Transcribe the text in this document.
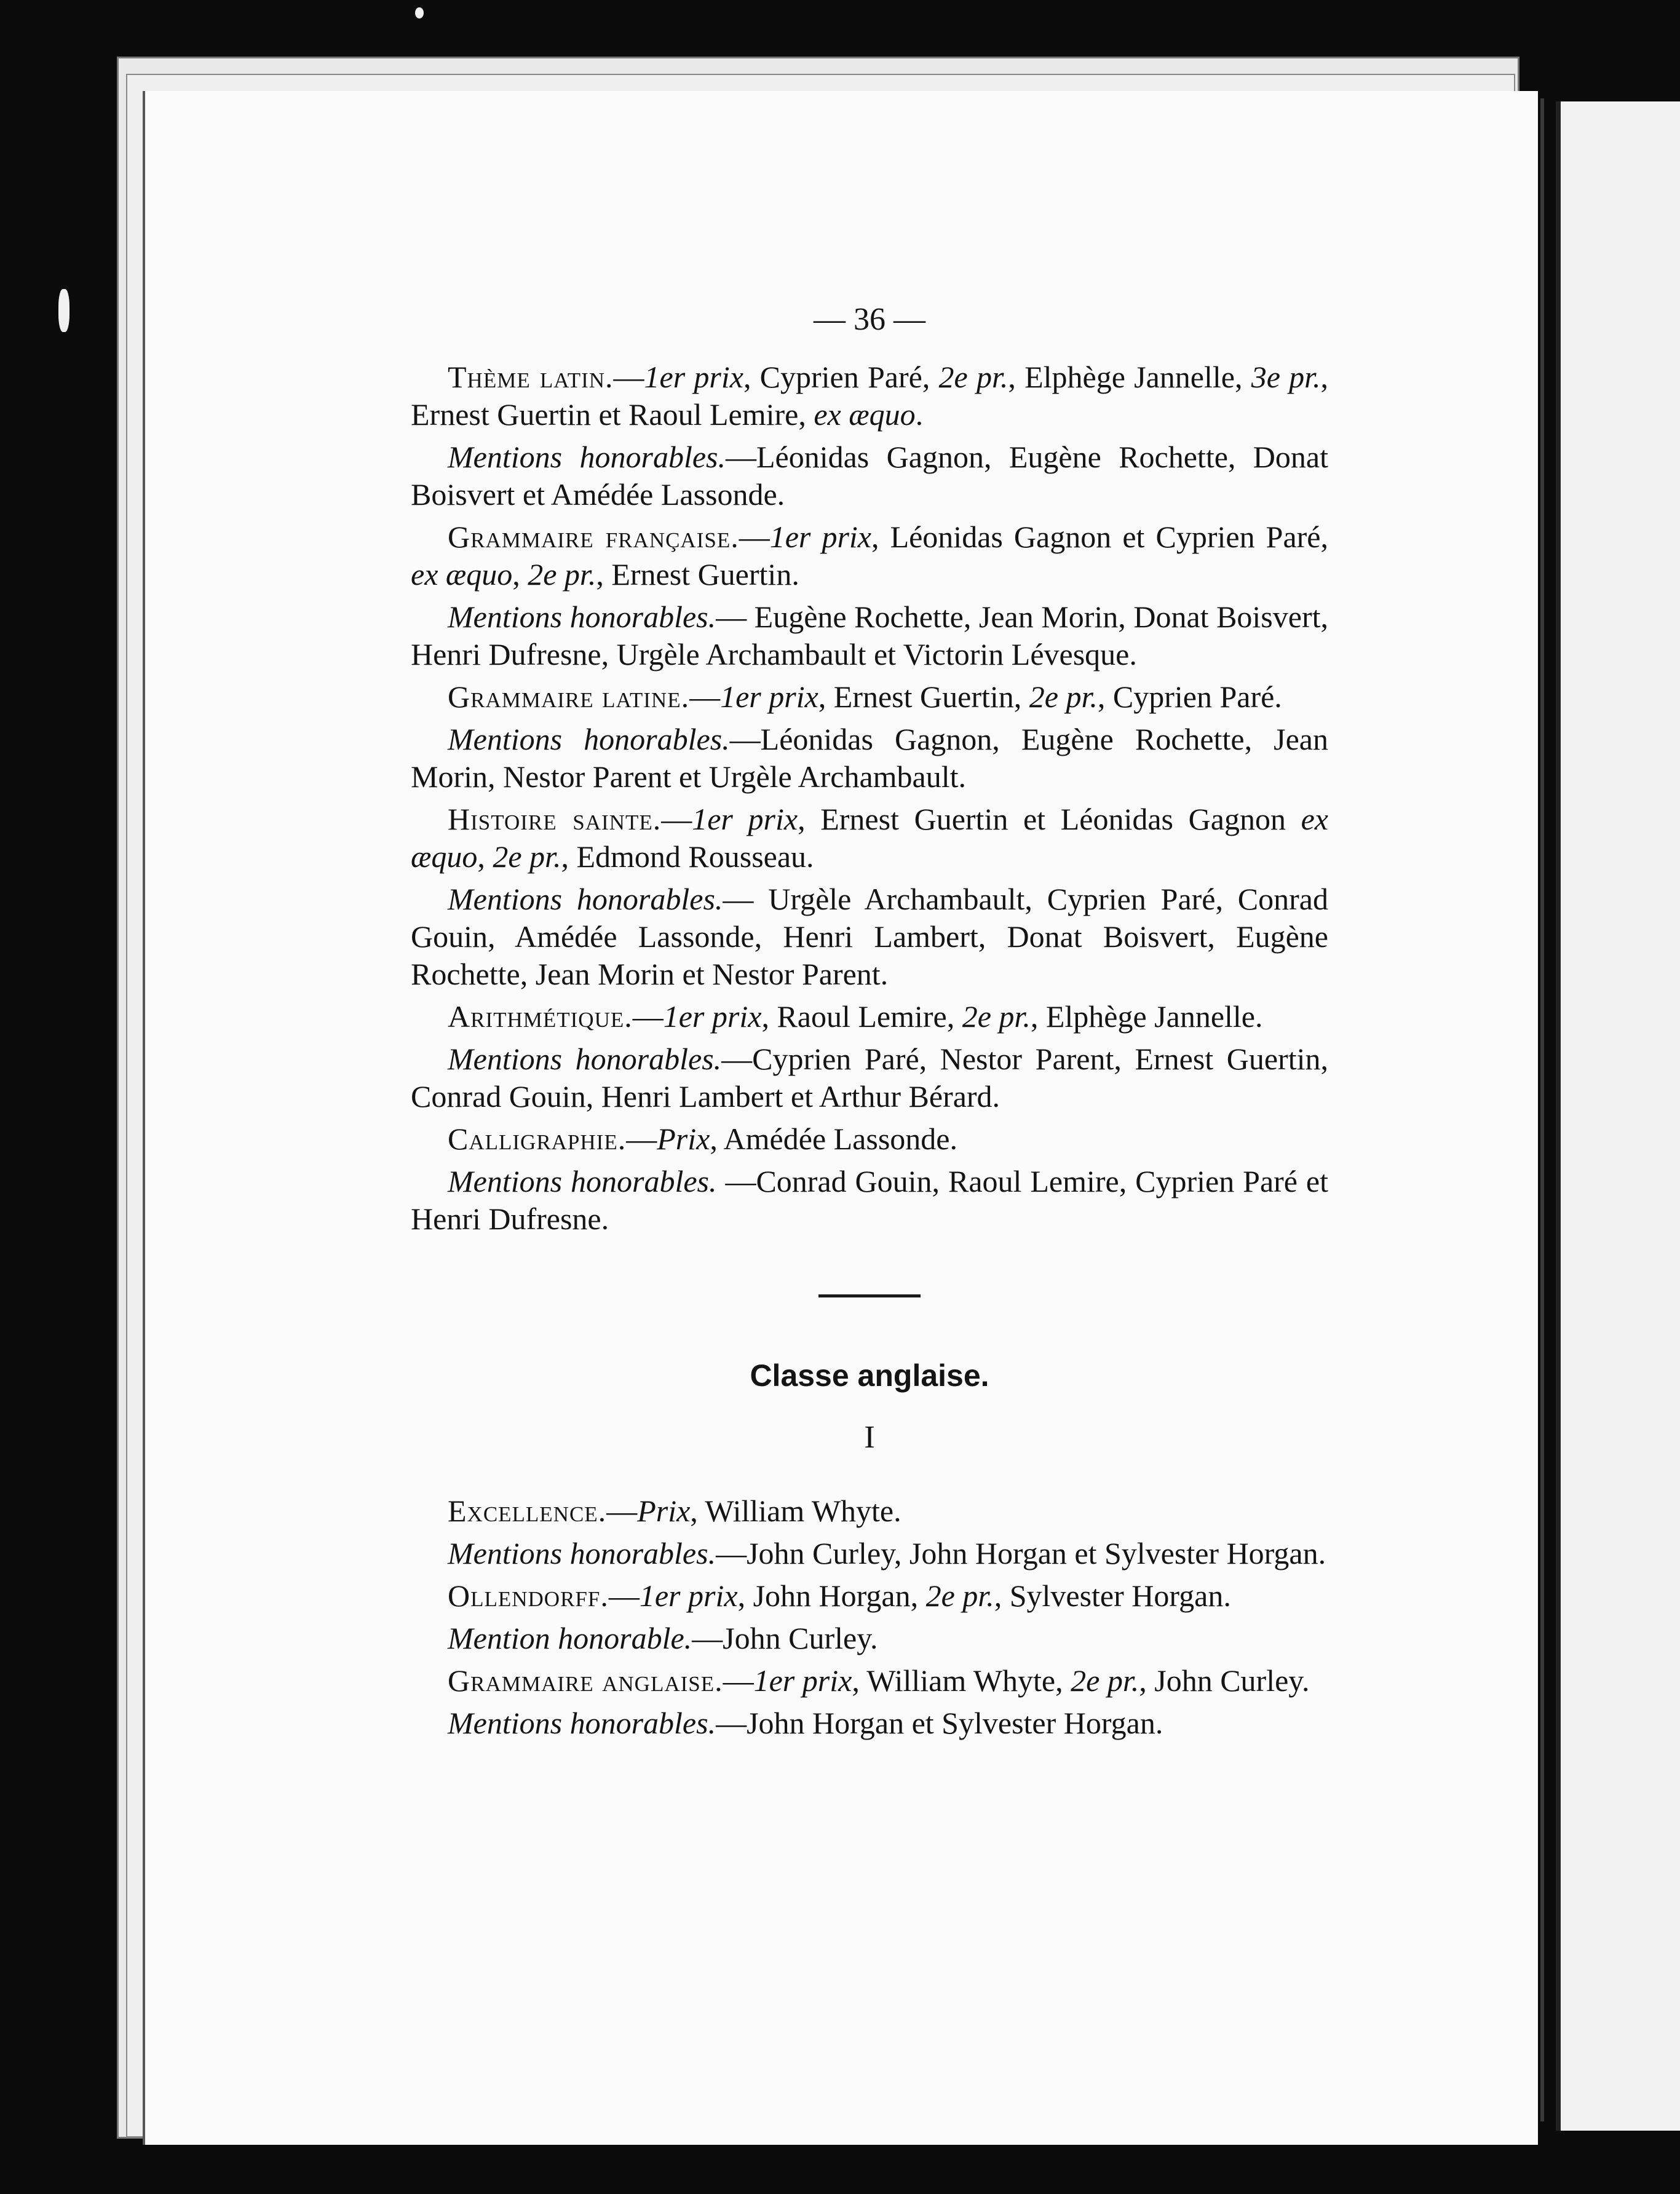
— 36 —

Thème latin.—1er prix, Cyprien Paré, 2e pr., Elphège Jannelle, 3e pr., Ernest Guertin et Raoul Lemire, ex æquo.

Mentions honorables.—Léonidas Gagnon, Eugène Rochette, Donat Boisvert et Amédée Lassonde.

Grammaire française.—1er prix, Léonidas Gagnon et Cyprien Paré, ex æquo, 2e pr., Ernest Guertin.

Mentions honorables.— Eugène Rochette, Jean Morin, Donat Boisvert, Henri Dufresne, Urgèle Archambault et Victorin Lévesque.

Grammaire latine.—1er prix, Ernest Guertin, 2e pr., Cyprien Paré.

Mentions honorables.—Léonidas Gagnon, Eugène Rochette, Jean Morin, Nestor Parent et Urgèle Archambault.

Histoire sainte.—1er prix, Ernest Guertin et Léonidas Gagnon ex æquo, 2e pr., Edmond Rousseau.

Mentions honorables.— Urgèle Archambault, Cyprien Paré, Conrad Gouin, Amédée Lassonde, Henri Lambert, Donat Boisvert, Eugène Rochette, Jean Morin et Nestor Parent.

Arithmétique.—1er prix, Raoul Lemire, 2e pr., Elphège Jannelle.

Mentions honorables.—Cyprien Paré, Nestor Parent, Ernest Guertin, Conrad Gouin, Henri Lambert et Arthur Bérard.

Calligraphie.—Prix, Amédée Lassonde.

Mentions honorables. —Conrad Gouin, Raoul Lemire, Cyprien Paré et Henri Dufresne.

Classe anglaise.
I

Excellence.—Prix, William Whyte.

Mentions honorables.—John Curley, John Horgan et Sylvester Horgan.

Ollendorff.—1er prix, John Horgan, 2e pr., Sylvester Horgan.

Mention honorable.—John Curley.

Grammaire anglaise.—1er prix, William Whyte, 2e pr., John Curley.

Mentions honorables.—John Horgan et Sylvester Horgan.
